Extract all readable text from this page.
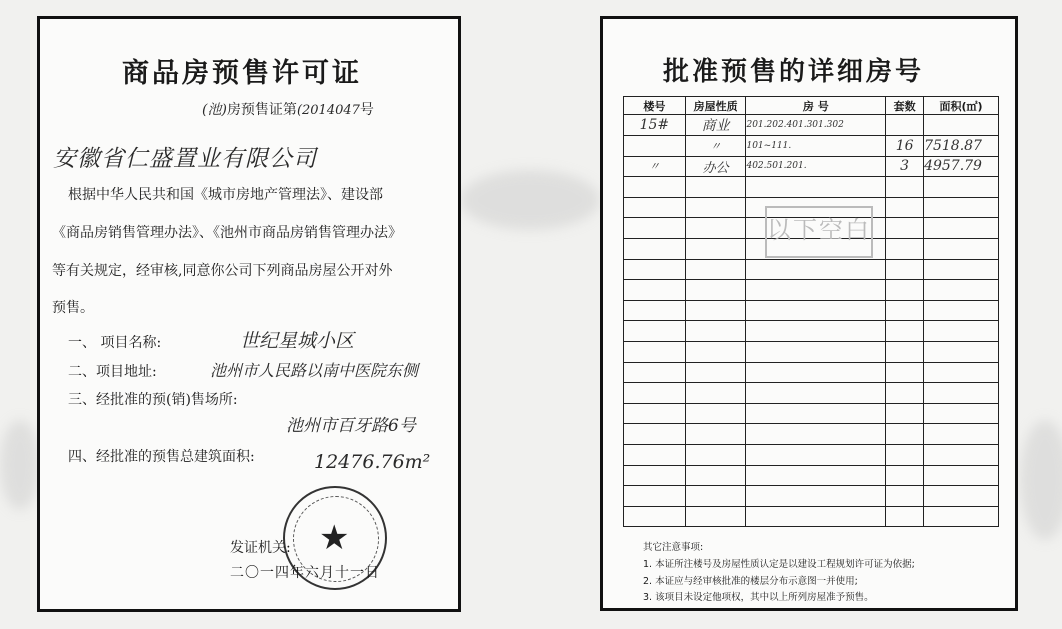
商品房预售许可证
(池)房预售证第(2014047号
安徽省仁盛置业有限公司
根据中华人民共和国《城市房地产管理法》、建设部
《商品房销售管理办法》、《池州市商品房销售管理办法》
等有关规定，经审核,同意你公司下列商品房屋公开对外
预售。
一、 项目名称:	世纪星城小区
二、项目地址:	池州市人民路以南中医院东侧
三、经批准的预(销)售场所:
池州市百牙路6号
四、经批准的预售总建筑面积:	12476.76m²
★
发证机关:
二〇一四年六月十一日
批准预售的详细房号
楼号	房屋性质	房 号	套数	面积(㎡)
15#	商业	201.202.401.301.302		
	〃	101~111.	16	7518.87
〃	办公	402.501.201.	3	4957.79

以下空白
其它注意事项:
1. 本证所注楼号及房屋性质认定是以建设工程规划许可证为依据;
2. 本证应与经审核批准的楼层分布示意图一并使用;
3. 该项目未设定他项权，其中以上所列房屋准予预售。
